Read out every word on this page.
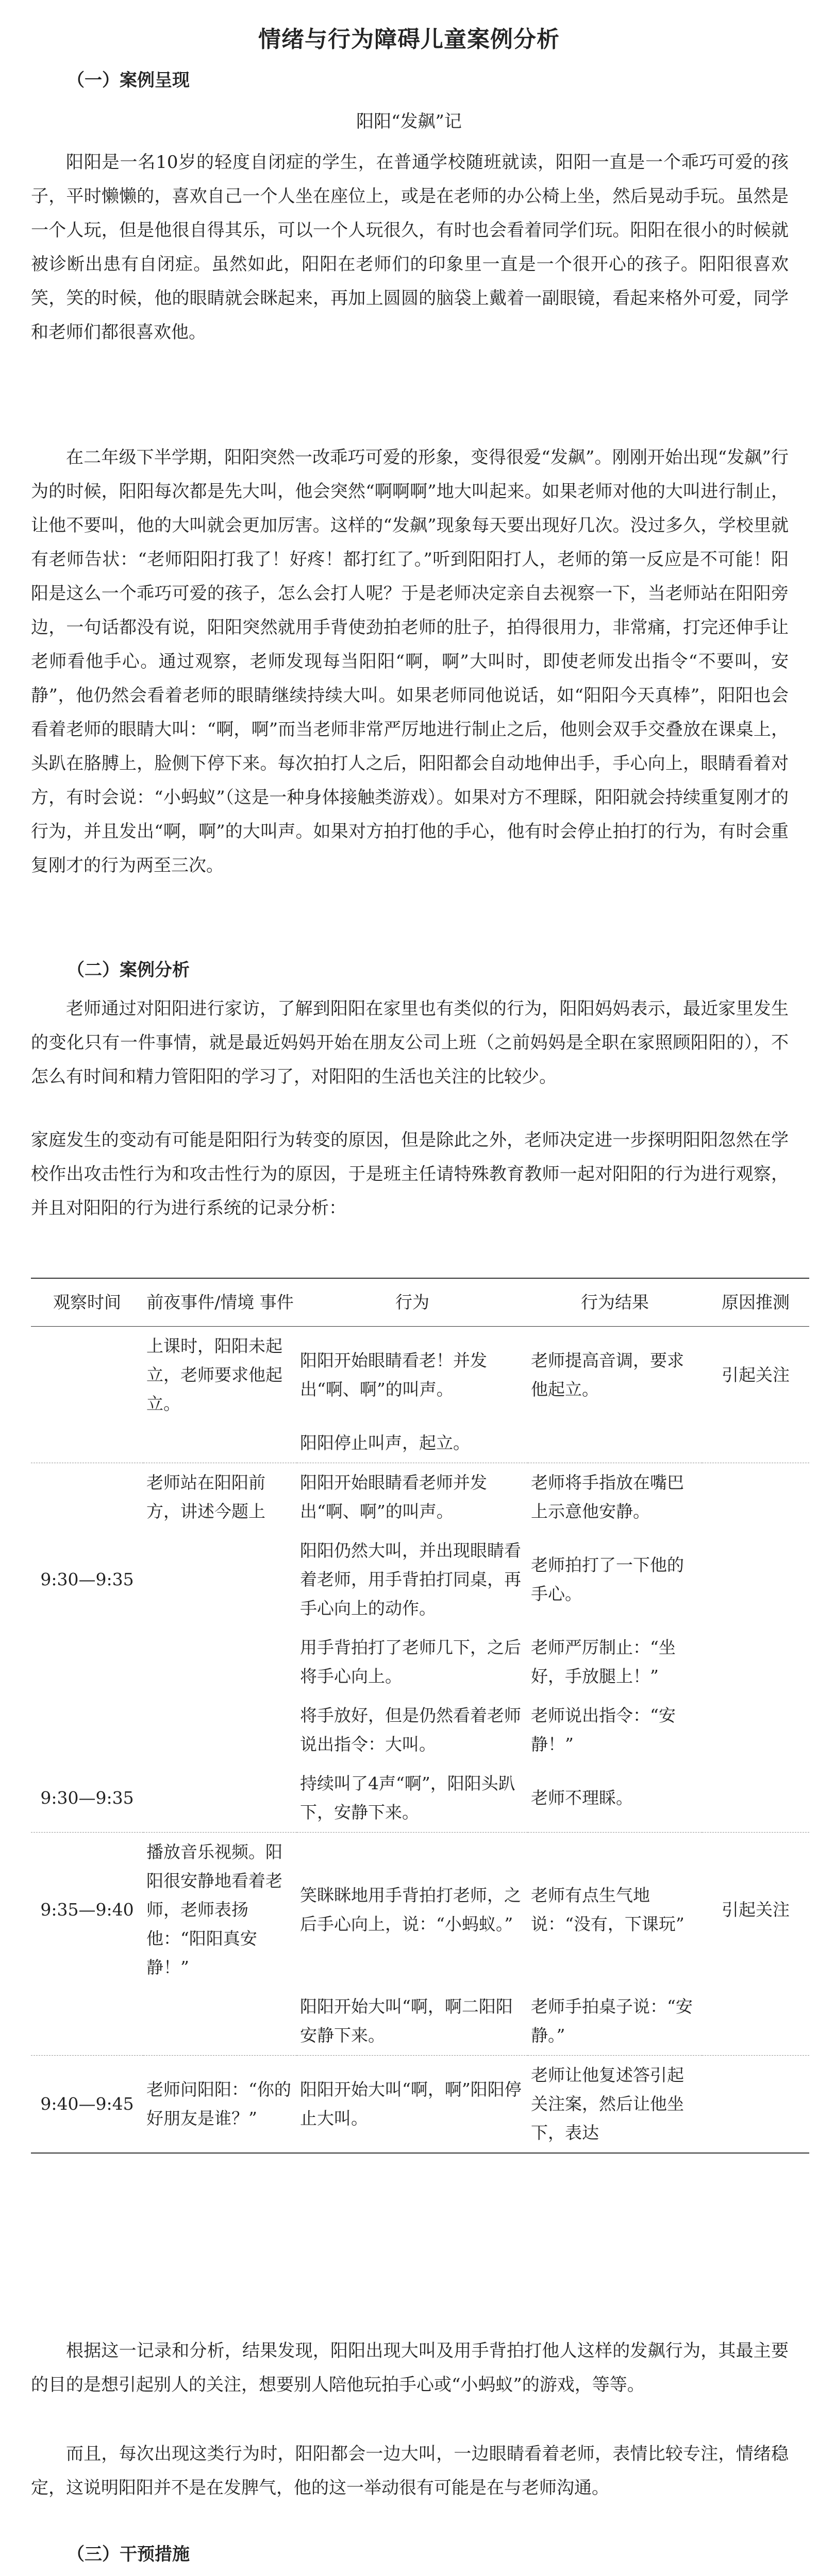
情绪与行为障碍儿童案例分析
（一）案例呈现
阳阳“发飙”记
阳阳是一名10岁的轻度自闭症的学生，在普通学校随班就读，阳阳一直是一个乖巧可爱的孩子，平时懒懒的，喜欢自己一个人坐在座位上，或是在老师的办公椅上坐，然后晃动手玩。虽然是一个人玩，但是他很自得其乐，可以一个人玩很久，有时也会看着同学们玩。阳阳在很小的时候就被诊断出患有自闭症。虽然如此，阳阳在老师们的印象里一直是一个很开心的孩子。阳阳很喜欢笑，笑的时候，他的眼睛就会眯起来，再加上圆圆的脑袋上戴着一副眼镜，看起来格外可爱，同学和老师们都很喜欢他。
在二年级下半学期，阳阳突然一改乖巧可爱的形象，变得很爱“发飙”。刚刚开始出现“发飙”行为的时候，阳阳每次都是先大叫，他会突然“啊啊啊”地大叫起来。如果老师对他的大叫进行制止，让他不要叫，他的大叫就会更加厉害。这样的“发飙”现象每天要出现好几次。没过多久，学校里就有老师告状：“老师阳阳打我了！好疼！都打红了。”听到阳阳打人，老师的第一反应是不可能！阳阳是这么一个乖巧可爱的孩子，怎么会打人呢？于是老师决定亲自去视察一下，当老师站在阳阳旁边，一句话都没有说，阳阳突然就用手背使劲拍老师的肚子，拍得很用力，非常痛，打完还伸手让老师看他手心。通过观察，老师发现每当阳阳“啊，啊”大叫时，即使老师发出指令“不要叫，安静”，他仍然会看着老师的眼睛继续持续大叫。如果老师同他说话，如“阳阳今天真棒”，阳阳也会看着老师的眼睛大叫：“啊，啊”而当老师非常严厉地进行制止之后，他则会双手交叠放在课桌上，头趴在胳膊上，脸侧下停下来。每次拍打人之后，阳阳都会自动地伸出手，手心向上，眼睛看着对方，有时会说：“小蚂蚁”（这是一种身体接触类游戏）。如果对方不理睬，阳阳就会持续重复刚才的行为，并且发出“啊，啊”的大叫声。如果对方拍打他的手心，他有时会停止拍打的行为，有时会重复刚才的行为两至三次。
（二）案例分析
老师通过对阳阳进行家访，了解到阳阳在家里也有类似的行为，阳阳妈妈表示，最近家里发生的变化只有一件事情，就是最近妈妈开始在朋友公司上班（之前妈妈是全职在家照顾阳阳的），不怎么有时间和精力管阳阳的学习了，对阳阳的生活也关注的比较少。
家庭发生的变动有可能是阳阳行为转变的原因，但是除此之外，老师决定进一步探明阳阳忽然在学校作出攻击性行为和攻击性行为的原因，于是班主任请特殊教育教师一起对阳阳的行为进行观察，并且对阳阳的行为进行系统的记录分析：
观察时间	前夜事件/情境 事件	行为	行为结果	原因推测
	上课时，阳阳未起立，老师要求他起立。	阳阳开始眼睛看老！并发出“啊、啊”的叫声。	老师提高音调，要求他起立。	引起关注
		阳阳停止叫声，起立。		
	老师站在阳阳前方，讲述今题上	阳阳开始眼睛看老师并发出“啊、啊”的叫声。	老师将手指放在嘴巴上示意他安静。	
9:30—9:35		阳阳仍然大叫，并出现眼睛看着老师，用手背拍打同桌，再手心向上的动作。	老师拍打了一下他的手心。	
		用手背拍打了老师几下，之后将手心向上。	老师严厉制止：“坐好，手放腿上！”	
		将手放好，但是仍然看着老师说出指令：大叫。	老师说出指令：“安静！”	
9:30—9:35		持续叫了4声“啊”，阳阳头趴下，安静下来。	老师不理睬。	
9:35—9:40	播放音乐视频。阳阳很安静地看着老师，老师表扬他：“阳阳真安静！”	笑眯眯地用手背拍打老师，之后手心向上，说：“小蚂蚁。”	老师有点生气地说：“没有，下课玩”	引起关注
		阳阳开始大叫“啊，啊二阳阳安静下来。	老师手拍桌子说：“安静。”	
9:40—9:45	老师问阳阳：“你的好朋友是谁？”	阳阳开始大叫“啊，啊”阳阳停止大叫。	老师让他复述答引起关注案，然后让他坐下，表达	
根据这一记录和分析，结果发现，阳阳出现大叫及用手背拍打他人这样的发飙行为，其最主要的目的是想引起别人的关注，想要别人陪他玩拍手心或“小蚂蚁”的游戏，等等。
而且，每次出现这类行为时，阳阳都会一边大叫，一边眼睛看着老师，表情比较专注，情绪稳定，这说明阳阳并不是在发脾气，他的这一举动很有可能是在与老师沟通。
（三）干预措施
